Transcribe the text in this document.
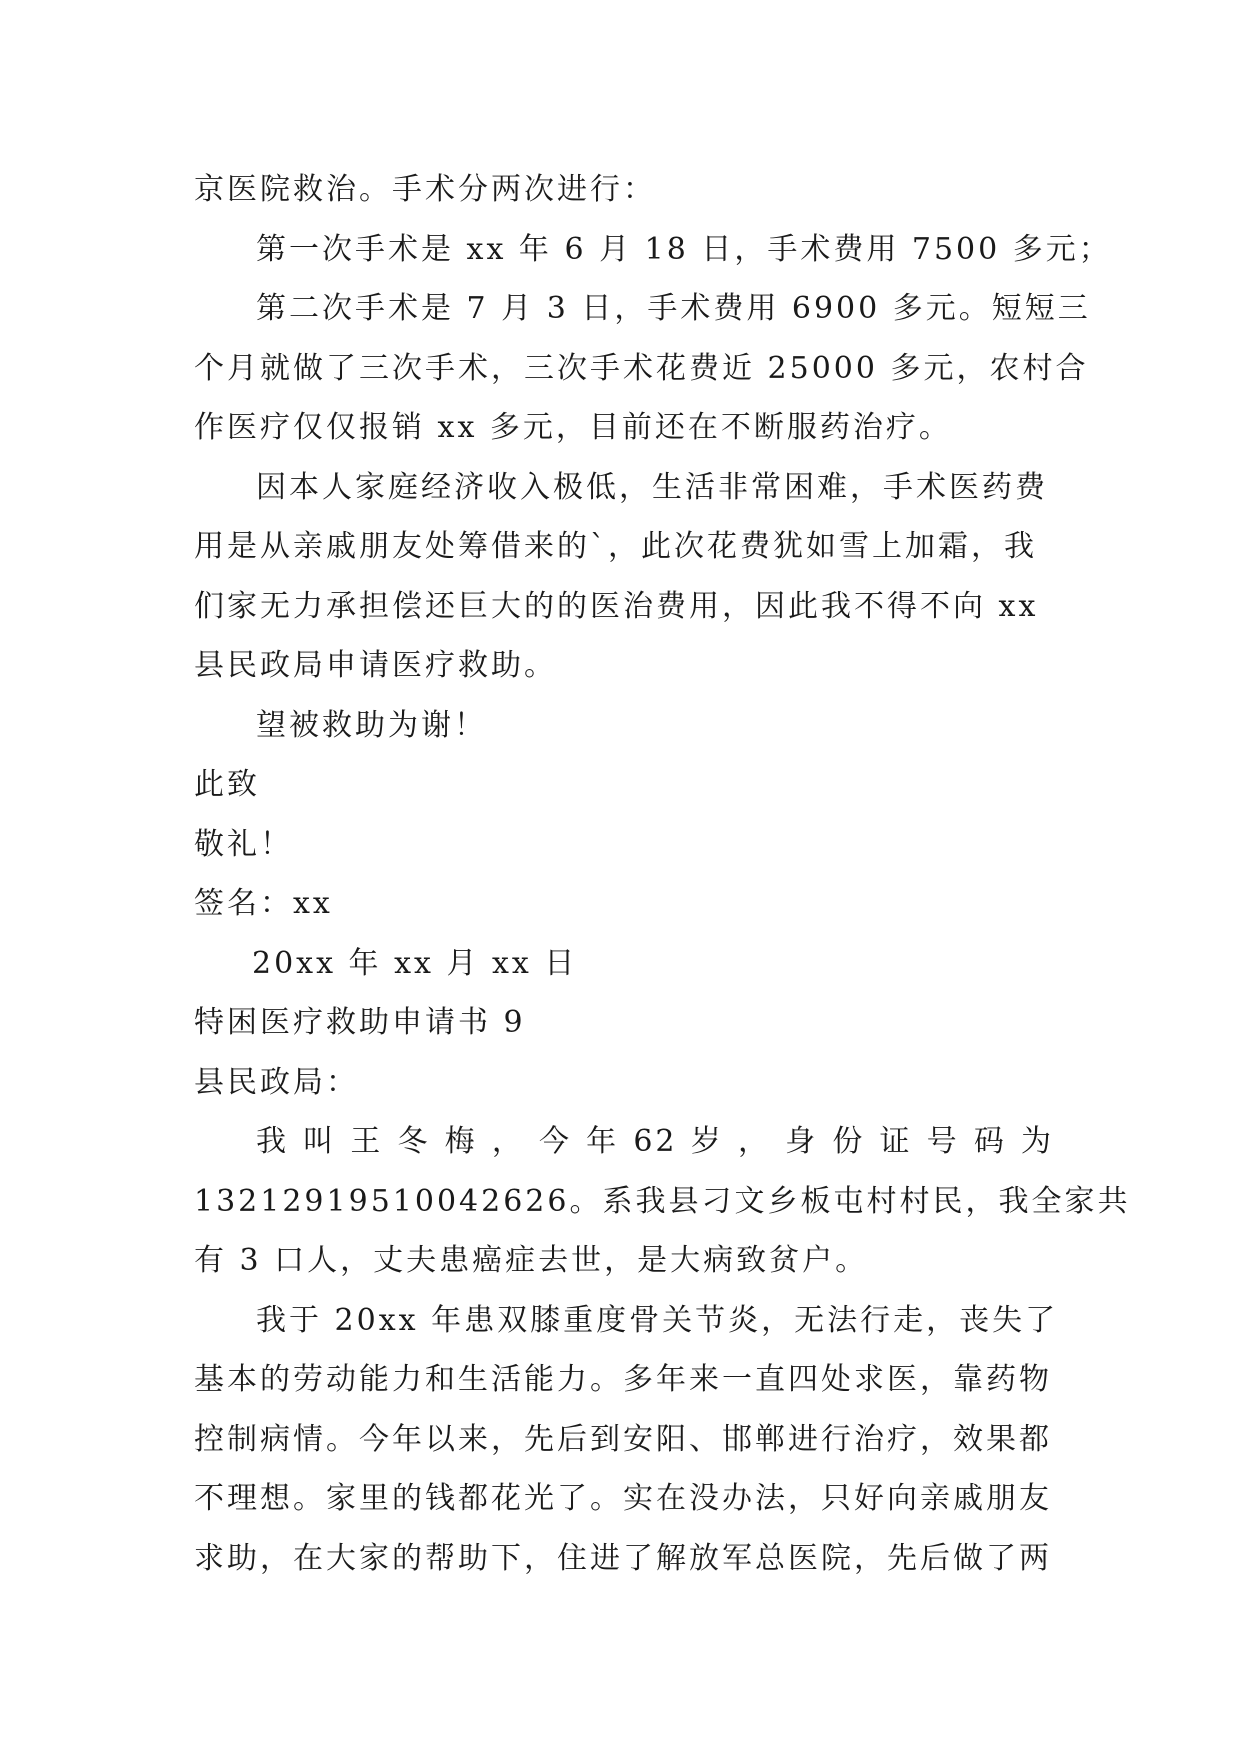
京医院救治。手术分两次进行：
第一次手术是 xx 年 6 月 18 日，手术费用 7500 多元；
第二次手术是 7 月 3 日，手术费用 6900 多元。短短三
个月就做了三次手术，三次手术花费近 25000 多元，农村合
作医疗仅仅报销 xx 多元，目前还在不断服药治疗。
因本人家庭经济收入极低，生活非常困难，手术医药费
用是从亲戚朋友处筹借来的`，此次花费犹如雪上加霜，我
们家无力承担偿还巨大的的医治费用，因此我不得不向 xx
县民政局申请医疗救助。
望被救助为谢！
此致
敬礼！
签名：xx
20xx 年 xx 月 xx 日
特困医疗救助申请书 9
县民政局：
我 叫 王 冬 梅 ， 今 年 62 岁 ， 身 份 证 号 码 为
13212919510042626。系我县刁文乡板屯村村民，我全家共
有 3 口人，丈夫患癌症去世，是大病致贫户。
我于 20xx 年患双膝重度骨关节炎，无法行走，丧失了
基本的劳动能力和生活能力。多年来一直四处求医，靠药物
控制病情。今年以来，先后到安阳、邯郸进行治疗，效果都
不理想。家里的钱都花光了。实在没办法，只好向亲戚朋友
求助，在大家的帮助下，住进了解放军总医院，先后做了两
